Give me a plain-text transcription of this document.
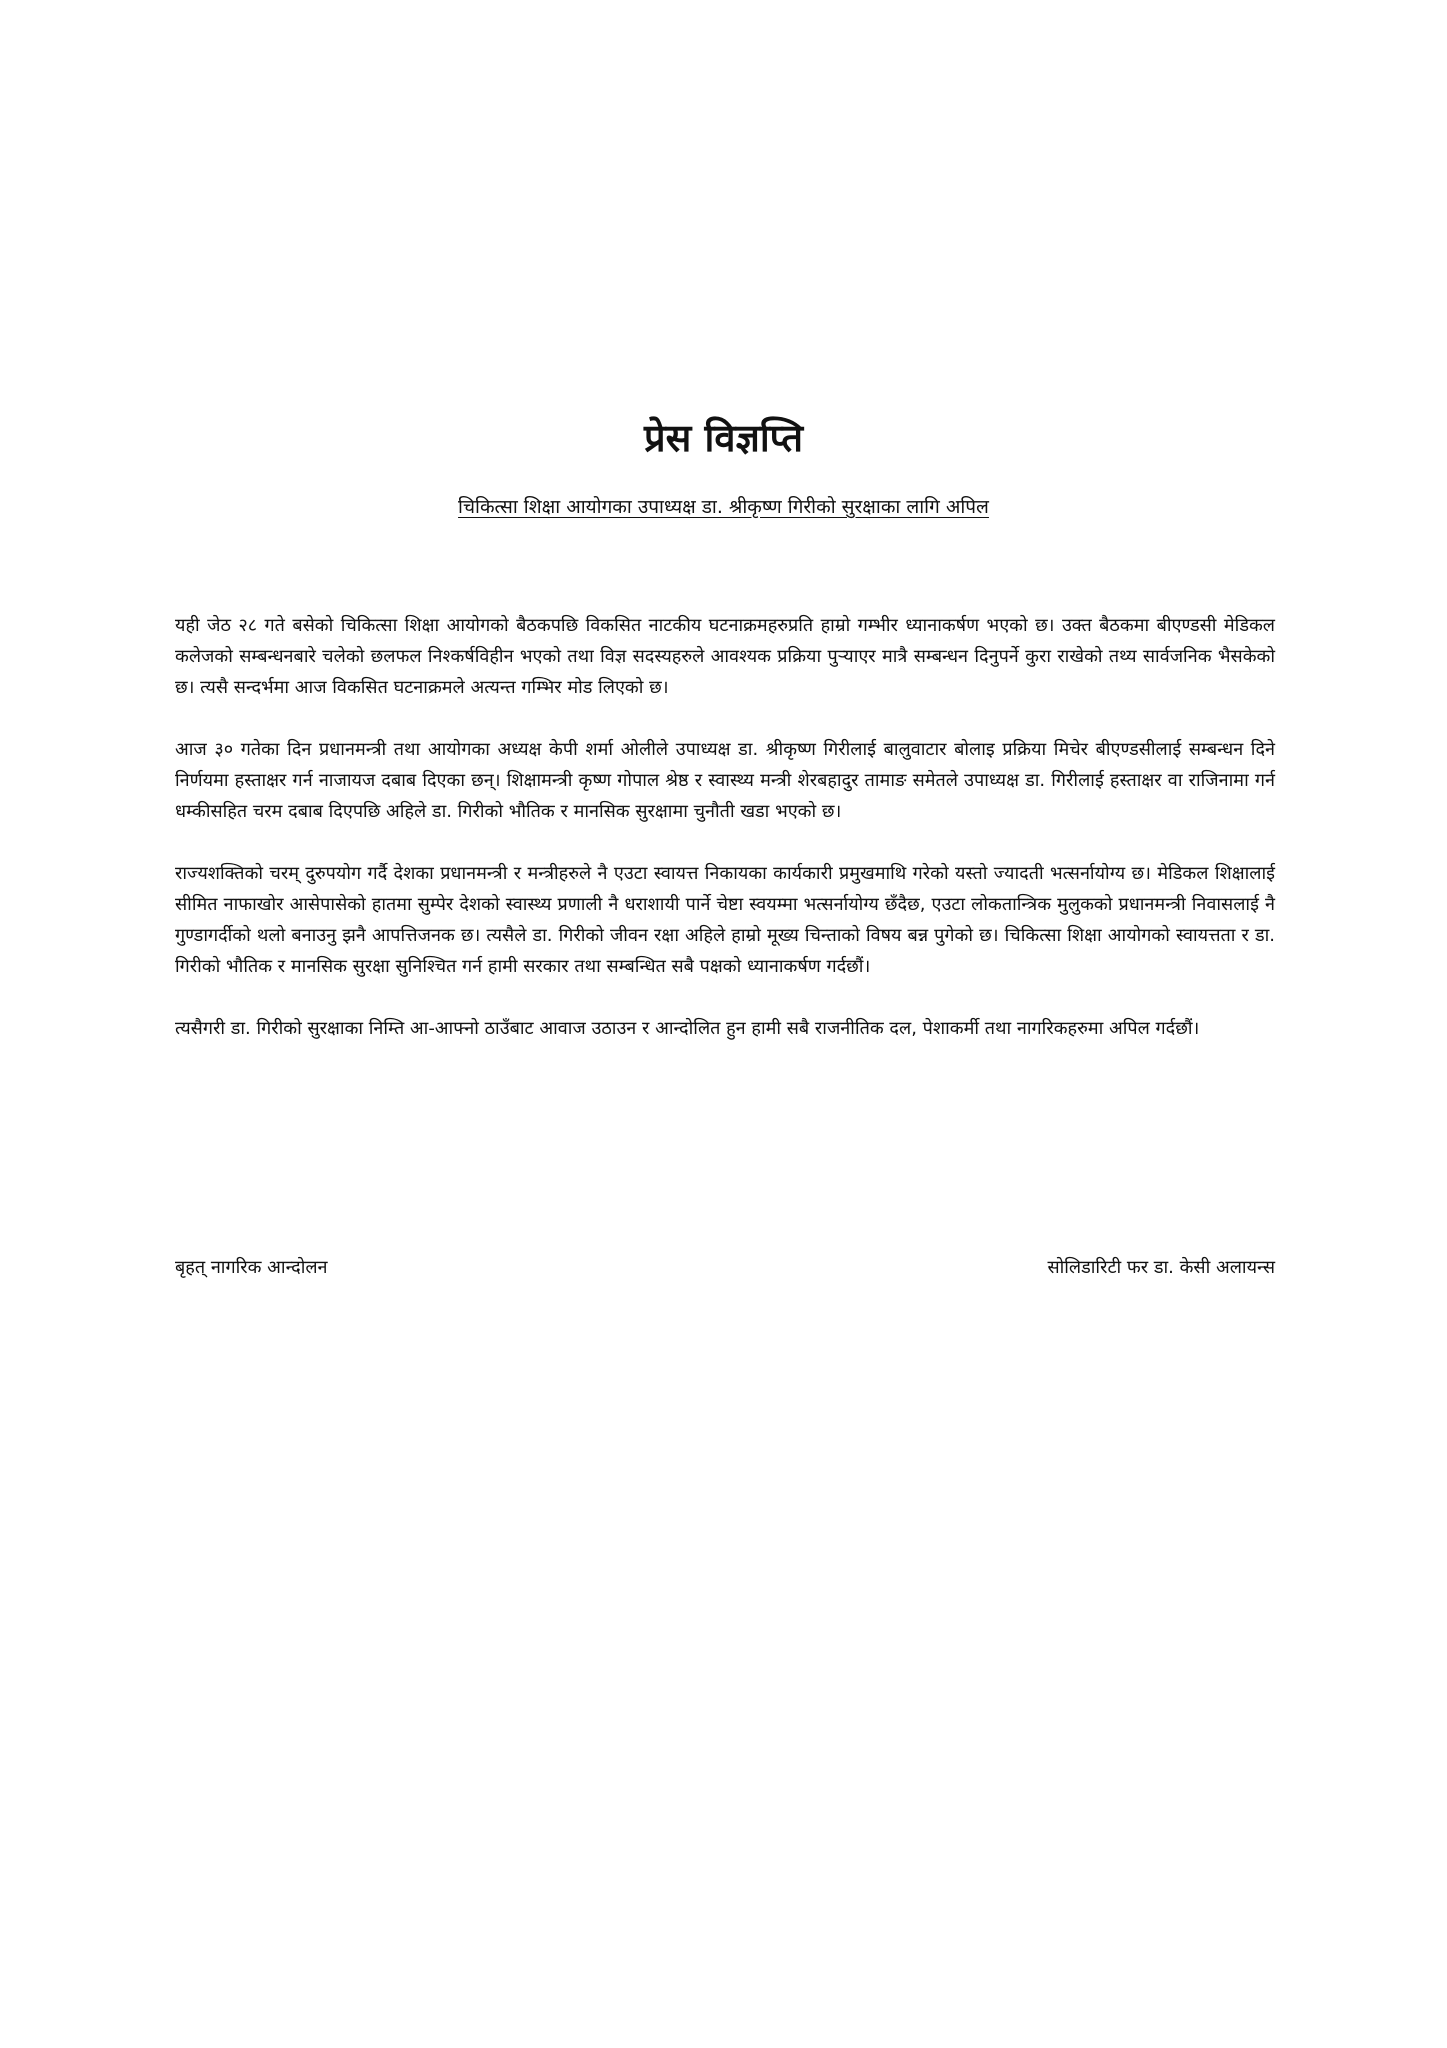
प्रेस विज्ञप्ति

चिकित्सा शिक्षा आयोगका उपाध्यक्ष डा. श्रीकृष्ण गिरीको सुरक्षाका लागि अपिल

यही जेठ २८ गते बसेको चिकित्सा शिक्षा आयोगको बैठकपछि विकसित नाटकीय घटनाक्रमहरुप्रति हाम्रो गम्भीर ध्यानाकर्षण भएको छ। उक्त बैठकमा बीएण्डसी मेडिकल कलेजको सम्बन्धनबारे चलेको छलफल निश्कर्षविहीन भएको तथा विज्ञ सदस्यहरुले आवश्यक प्रक्रिया पुर्‍याएर मात्रै सम्बन्धन दिनुपर्ने कुरा राखेको तथ्य सार्वजनिक भैसकेको छ। त्यसै सन्दर्भमा आज विकसित घटनाक्रमले अत्यन्त गम्भिर मोड लिएको छ।

आज ३० गतेका दिन प्रधानमन्त्री तथा आयोगका अध्यक्ष केपी शर्मा ओलीले उपाध्यक्ष डा. श्रीकृष्ण गिरीलाई बालुवाटार बोलाइ प्रक्रिया मिचेर बीएण्डसीलाई सम्बन्धन दिने निर्णयमा हस्ताक्षर गर्न नाजायज दबाब दिएका छन्। शिक्षामन्त्री कृष्ण गोपाल श्रेष्ठ र स्वास्थ्य मन्त्री शेरबहादुर तामाङ समेतले उपाध्यक्ष डा. गिरीलाई हस्ताक्षर वा राजिनामा गर्न धम्कीसहित चरम दबाब दिएपछि अहिले डा. गिरीको भौतिक र मानसिक सुरक्षामा चुनौती खडा भएको छ।

राज्यशक्तिको चरम् दुरुपयोग गर्दै देशका प्रधानमन्त्री र मन्त्रीहरुले नै एउटा स्वायत्त निकायका कार्यकारी प्रमुखमाथि गरेको यस्तो ज्यादती भत्सर्नायोग्य छ। मेडिकल शिक्षालाई सीमित नाफाखोर आसेपासेको हातमा सुम्पेर देशको स्वास्थ्य प्रणाली नै धराशायी पार्ने चेष्टा स्वयम्मा भत्सर्नायोग्य छँदैछ, एउटा लोकतान्त्रिक मुलुकको प्रधानमन्त्री निवासलाई नै गुण्डागर्दीको थलो बनाउनु झनै आपत्तिजनक छ। त्यसैले डा. गिरीको जीवन रक्षा अहिले हाम्रो मूख्य चिन्ताको विषय बन्न पुगेको छ। चिकित्सा शिक्षा आयोगको स्वायत्तता र डा. गिरीको भौतिक र मानसिक सुरक्षा सुनिश्चित गर्न हामी सरकार तथा सम्बन्धित सबै पक्षको ध्यानाकर्षण गर्दछौं।

त्यसैगरी डा. गिरीको सुरक्षाका निम्ति आ-आफ्नो ठाउँबाट आवाज उठाउन र आन्दोलित हुन हामी सबै राजनीतिक दल, पेशाकर्मी तथा नागरिकहरुमा अपिल गर्दछौं।

बृहत् नागरिक आन्दोलन	सोलिडारिटी फर डा. केसी अलायन्स
